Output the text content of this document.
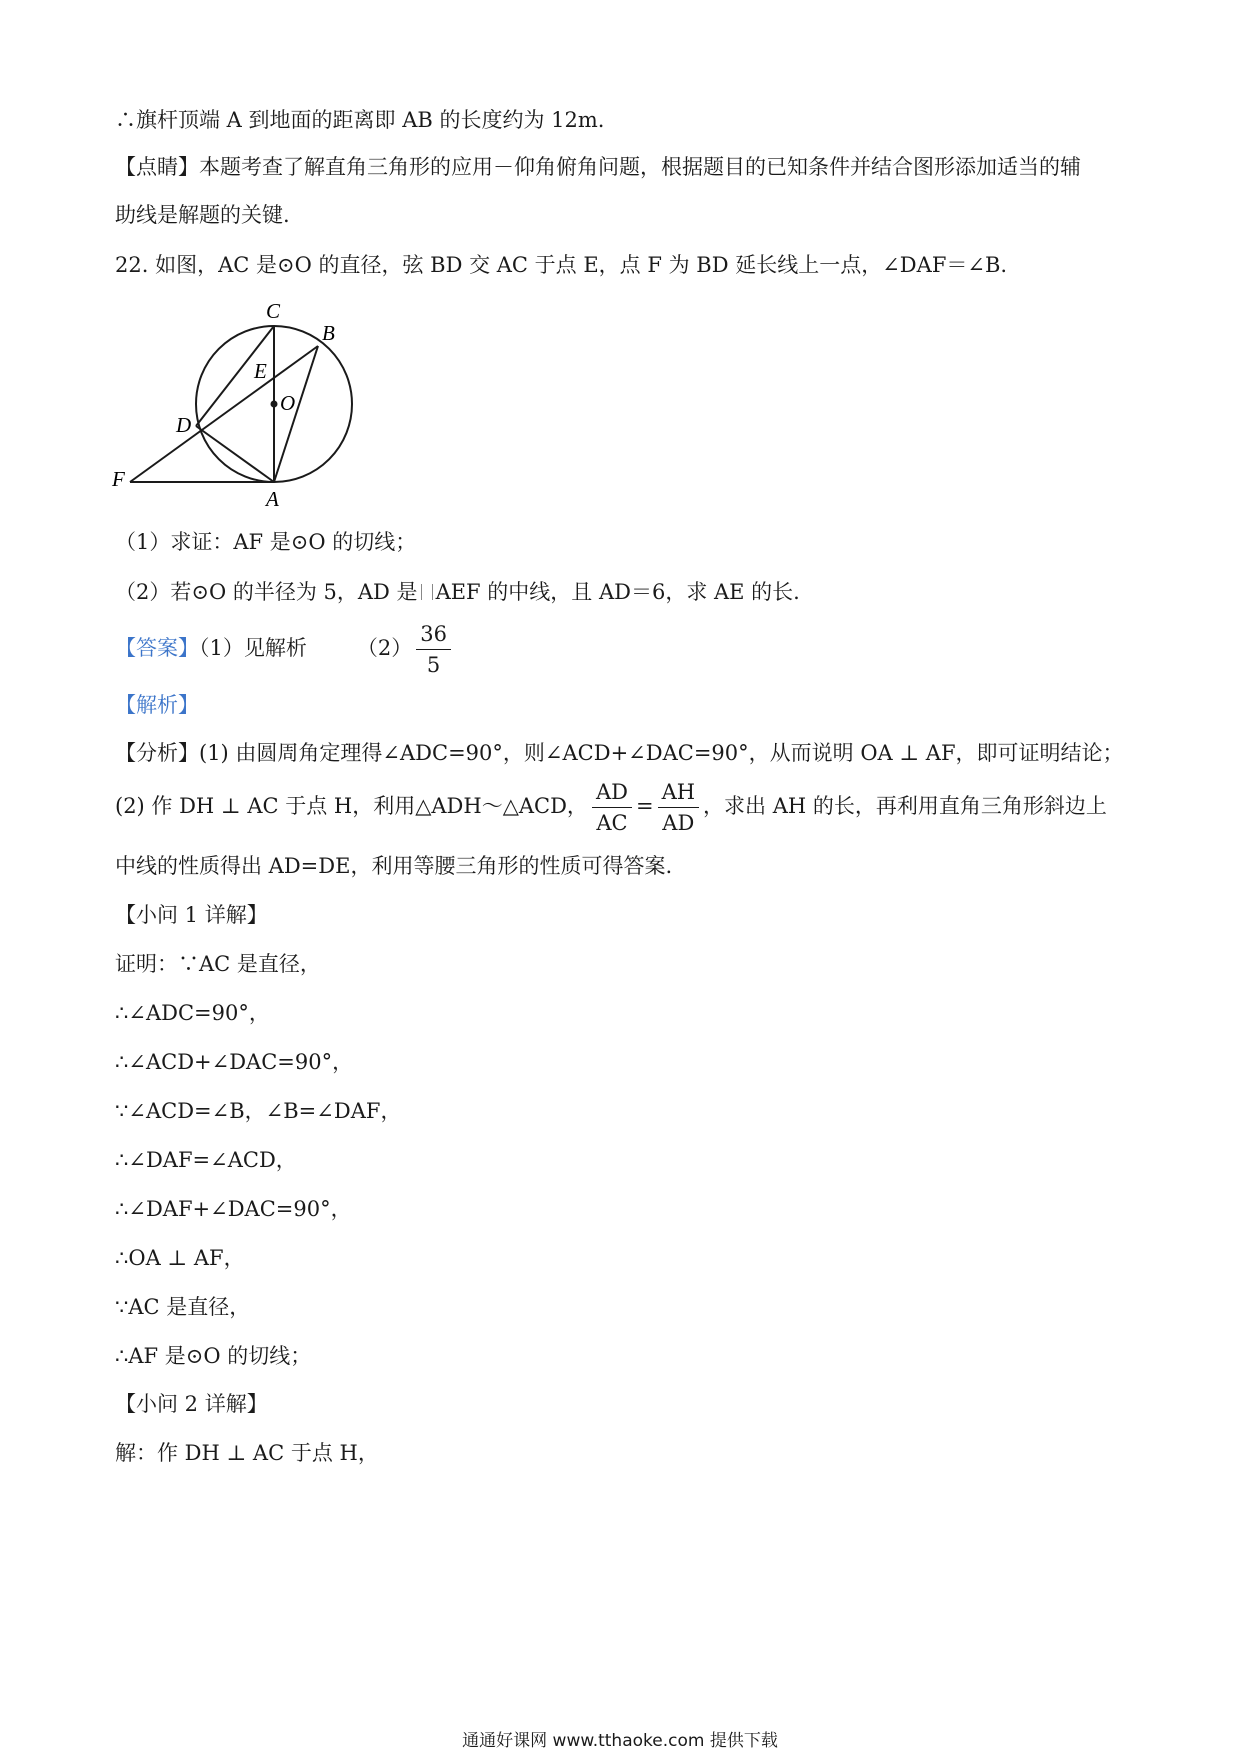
∴旗杆顶端 A 到地面的距离即 AB 的长度约为 12m.
【点睛】本题考查了解直角三角形的应用－仰角俯角问题，根据题目的已知条件并结合图形添加适当的辅
助线是解题的关键.
22. 如图，AC 是⊙O 的直径，弦 BD 交 AC 于点 E，点 F 为 BD 延长线上一点，∠DAF＝∠B.
C
B
E
O
D
F
A
（1）求证：AF 是⊙O 的切线；
（2）若⊙O 的半径为 5，AD 是 AEF 的中线，且 AD＝6，求 AE 的长.
【答案】（1）见解析 $(2) \frac{36}{5}$
【解析】
【分析】(1) 由圆周角定理得∠ADC=90°，则∠ACD+∠DAC=90°，从而说明 OA ⊥ AF，即可证明结论；
(2) 作 DH ⊥ AC 于点 H，利用△ADH～△ACD， $\frac{AD}{AC} = \frac{AH}{AD}$ ，求出 AH 的长，再利用直角三角形斜边上
中线的性质得出 AD=DE，利用等腰三角形的性质可得答案.
【小问 1 详解】
证明：∵AC 是直径，
∴∠ADC=90°，
∴∠ACD+∠DAC=90°，
∵∠ACD=∠B，∠B=∠DAF，
∴∠DAF=∠ACD，
∴∠DAF+∠DAC=90°，
∴OA ⊥ AF，
∵AC 是直径，
∴AF 是⊙O 的切线；
【小问 2 详解】
解：作 DH ⊥ AC 于点 H，
通通好课网 www.tthaoke.com 提供下载
